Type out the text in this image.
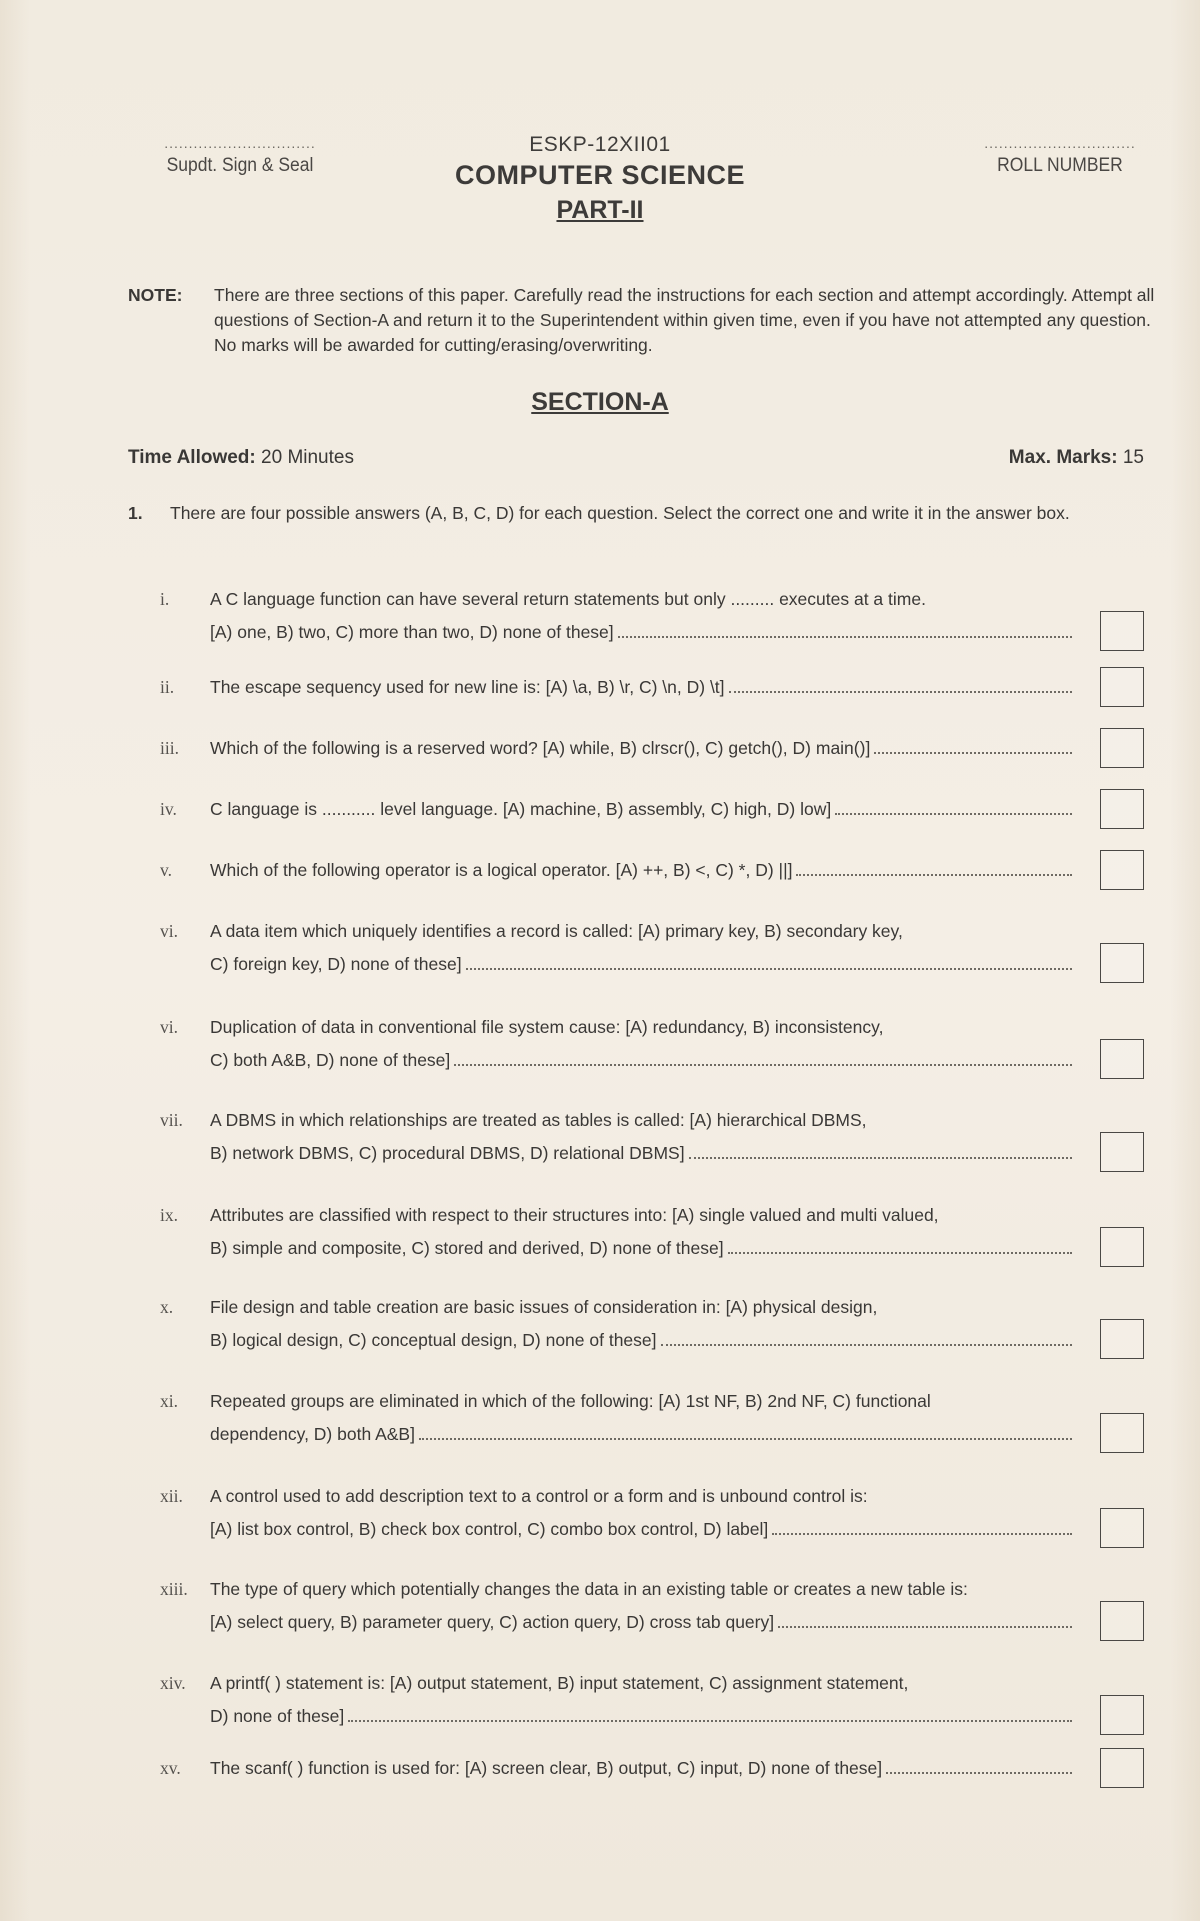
...............................
Supdt. Sign & Seal
ESKP-12XII01
COMPUTER SCIENCE
PART-II
...............................
ROLL NUMBER
NOTE: There are three sections of this paper. Carefully read the instructions for each section and attempt accordingly. Attempt all questions of Section-A and return it to the Superintendent within given time, even if you have not attempted any question. No marks will be awarded for cutting/erasing/overwriting.
SECTION-A
Time Allowed: 20 Minutes	Max. Marks: 15
1. There are four possible answers (A, B, C, D) for each question. Select the correct one and write it in the answer box.
i.	A C language function can have several return statements but only ......... executes at a time.
[A) one, B) two, C) more than two, D) none of these]
ii.	The escape sequency used for new line is: [A) \a, B) \r, C) \n, D) \t]
iii.	Which of the following is a reserved word? [A) while, B) clrscr(), C) getch(), D) main()]
iv.	C language is ........... level language. [A) machine, B) assembly, C) high, D) low]
v.	Which of the following operator is a logical operator. [A) ++, B) <, C) *, D) ||]
vi.	A data item which uniquely identifies a record is called: [A) primary key, B) secondary key,
C) foreign key, D) none of these]
vi.	Duplication of data in conventional file system cause: [A) redundancy, B) inconsistency,
C) both A&B, D) none of these]
vii.	A DBMS in which relationships are treated as tables is called: [A) hierarchical DBMS,
B) network DBMS, C) procedural DBMS, D) relational DBMS]
ix.	Attributes are classified with respect to their structures into: [A) single valued and multi valued,
B) simple and composite, C) stored and derived, D) none of these]
x.	File design and table creation are basic issues of consideration in: [A) physical design,
B) logical design, C) conceptual design, D) none of these]
xi.	Repeated groups are eliminated in which of the following: [A) 1st NF, B) 2nd NF, C) functional
dependency, D) both A&B]
xii.	A control used to add description text to a control or a form and is unbound control is:
[A) list box control, B) check box control, C) combo box control, D) label]
xiii.	The type of query which potentially changes the data in an existing table or creates a new table is:
[A) select query, B) parameter query, C) action query, D) cross tab query]
xiv.	A printf( ) statement is: [A) output statement, B) input statement, C) assignment statement,
D) none of these]
xv.	The scanf( ) function is used for: [A) screen clear, B) output, C) input, D) none of these]
